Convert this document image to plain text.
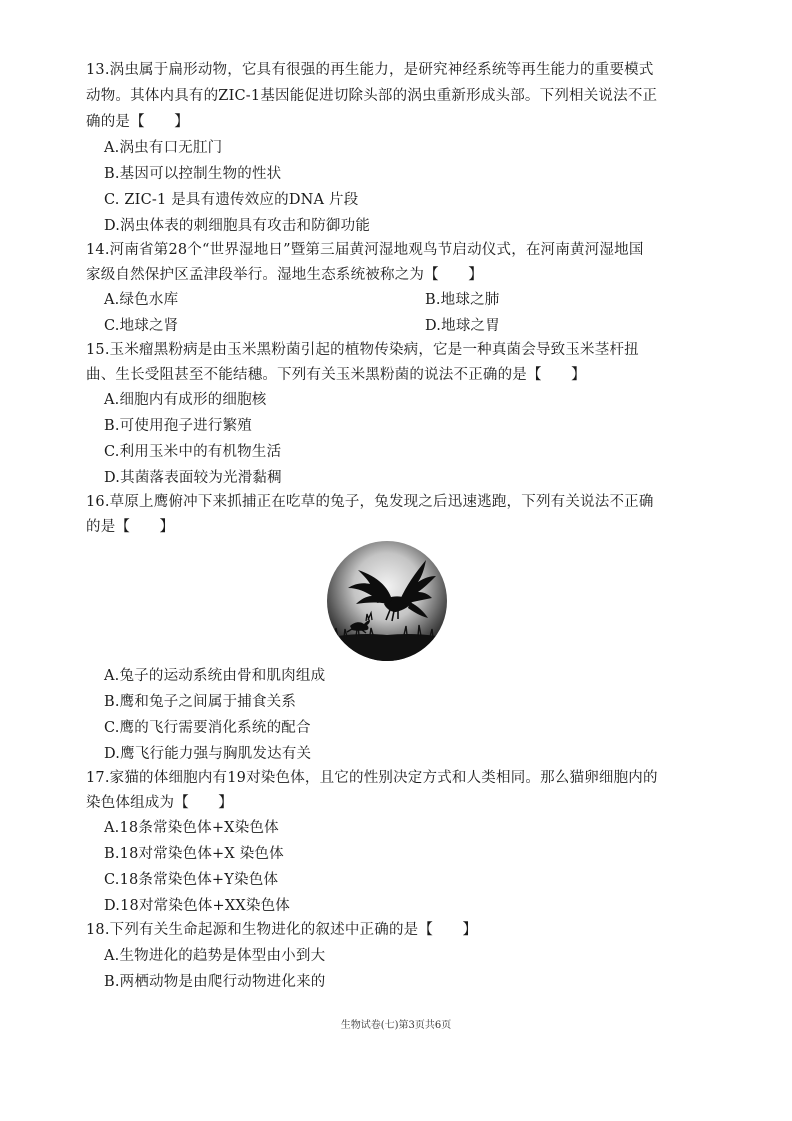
13.涡虫属于扁形动物，它具有很强的再生能力，是研究神经系统等再生能力的重要模式
动物。其体内具有的ZIC-1基因能促进切除头部的涡虫重新形成头部。下列相关说法不正
确的是【　　】
A.涡虫有口无肛门
B.基因可以控制生物的性状
C. ZIC-1 是具有遗传效应的DNA 片段
D.涡虫体表的刺细胞具有攻击和防御功能
14.河南省第28个“世界湿地日”暨第三届黄河湿地观鸟节启动仪式，在河南黄河湿地国
家级自然保护区孟津段举行。湿地生态系统被称之为【　　】
A.绿色水库	B.地球之肺
C.地球之肾	D.地球之胃
15.玉米瘤黑粉病是由玉米黑粉菌引起的植物传染病，它是一种真菌会导致玉米茎杆扭
曲、生长受阻甚至不能结穗。下列有关玉米黑粉菌的说法不正确的是【　　】
A.细胞内有成形的细胞核
B.可使用孢子进行繁殖
C.利用玉米中的有机物生活
D.其菌落表面较为光滑黏稠
16.草原上鹰俯冲下来抓捕正在吃草的兔子，兔发现之后迅速逃跑，下列有关说法不正确
的是【　　】
A.兔子的运动系统由骨和肌肉组成
B.鹰和兔子之间属于捕食关系
C.鹰的飞行需要消化系统的配合
D.鹰飞行能力强与胸肌发达有关
17.家猫的体细胞内有19对染色体，且它的性别决定方式和人类相同。那么猫卵细胞内的
染色体组成为【　　】
A.18条常染色体+X染色体
B.18对常染色体+X 染色体
C.18条常染色体+Y染色体
D.18对常染色体+XX染色体
18.下列有关生命起源和生物进化的叙述中正确的是【　　】
A.生物进化的趋势是体型由小到大
B.两栖动物是由爬行动物进化来的
生物试卷(七)第3页共6页
